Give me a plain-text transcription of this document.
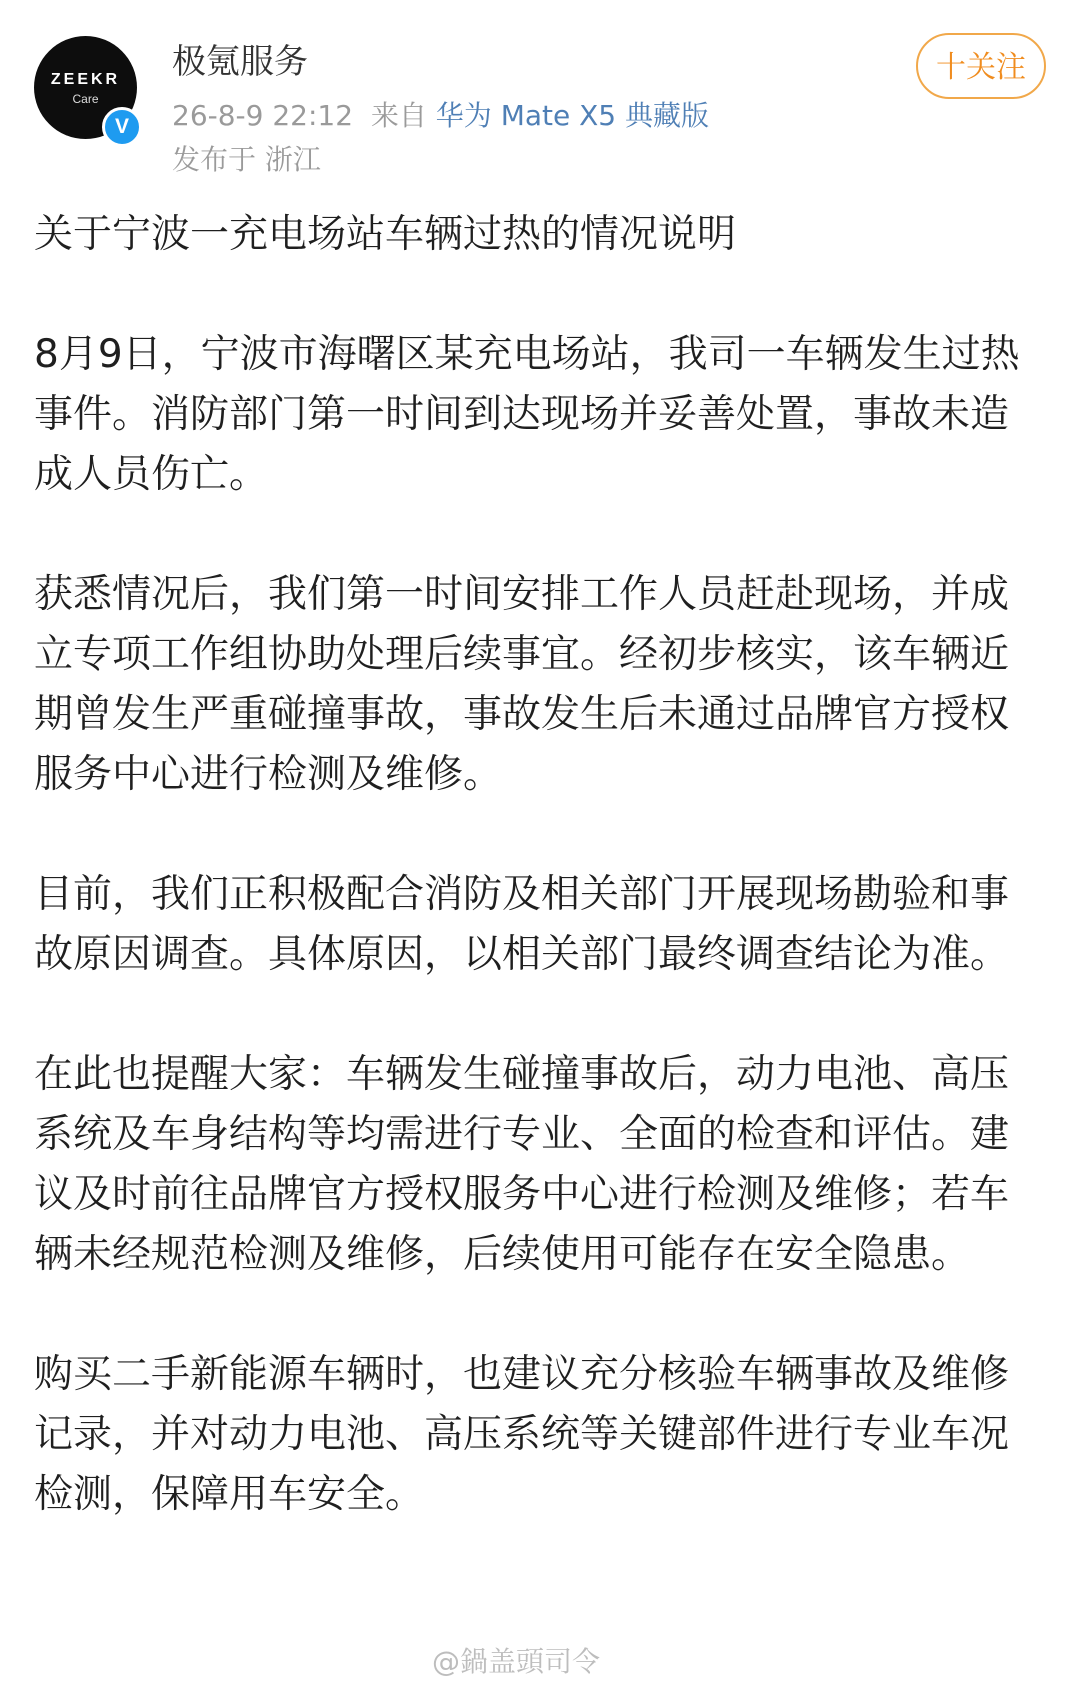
ZEEKR
Care
V
极氪服务
26-8-9 22:12 来自 华为 Mate X5 典藏版
发布于 浙江
十关注

关于宁波一充电场站车辆过热的情况说明

8月9日，宁波市海曙区某充电场站，我司一车辆发生过热事件。消防部门第一时间到达现场并妥善处置，事故未造成人员伤亡。

获悉情况后，我们第一时间安排工作人员赶赴现场，并成立专项工作组协助处理后续事宜。经初步核实，该车辆近期曾发生严重碰撞事故，事故发生后未通过品牌官方授权服务中心进行检测及维修。

目前，我们正积极配合消防及相关部门开展现场勘验和事故原因调查。具体原因，以相关部门最终调查结论为准。

在此也提醒大家：车辆发生碰撞事故后，动力电池、高压系统及车身结构等均需进行专业、全面的检查和评估。建议及时前往品牌官方授权服务中心进行检测及维修；若车辆未经规范检测及维修，后续使用可能存在安全隐患。

购买二手新能源车辆时，也建议充分核验车辆事故及维修记录，并对动力电池、高压系统等关键部件进行专业车况检测，保障用车安全。

@鍋盖頭司令
